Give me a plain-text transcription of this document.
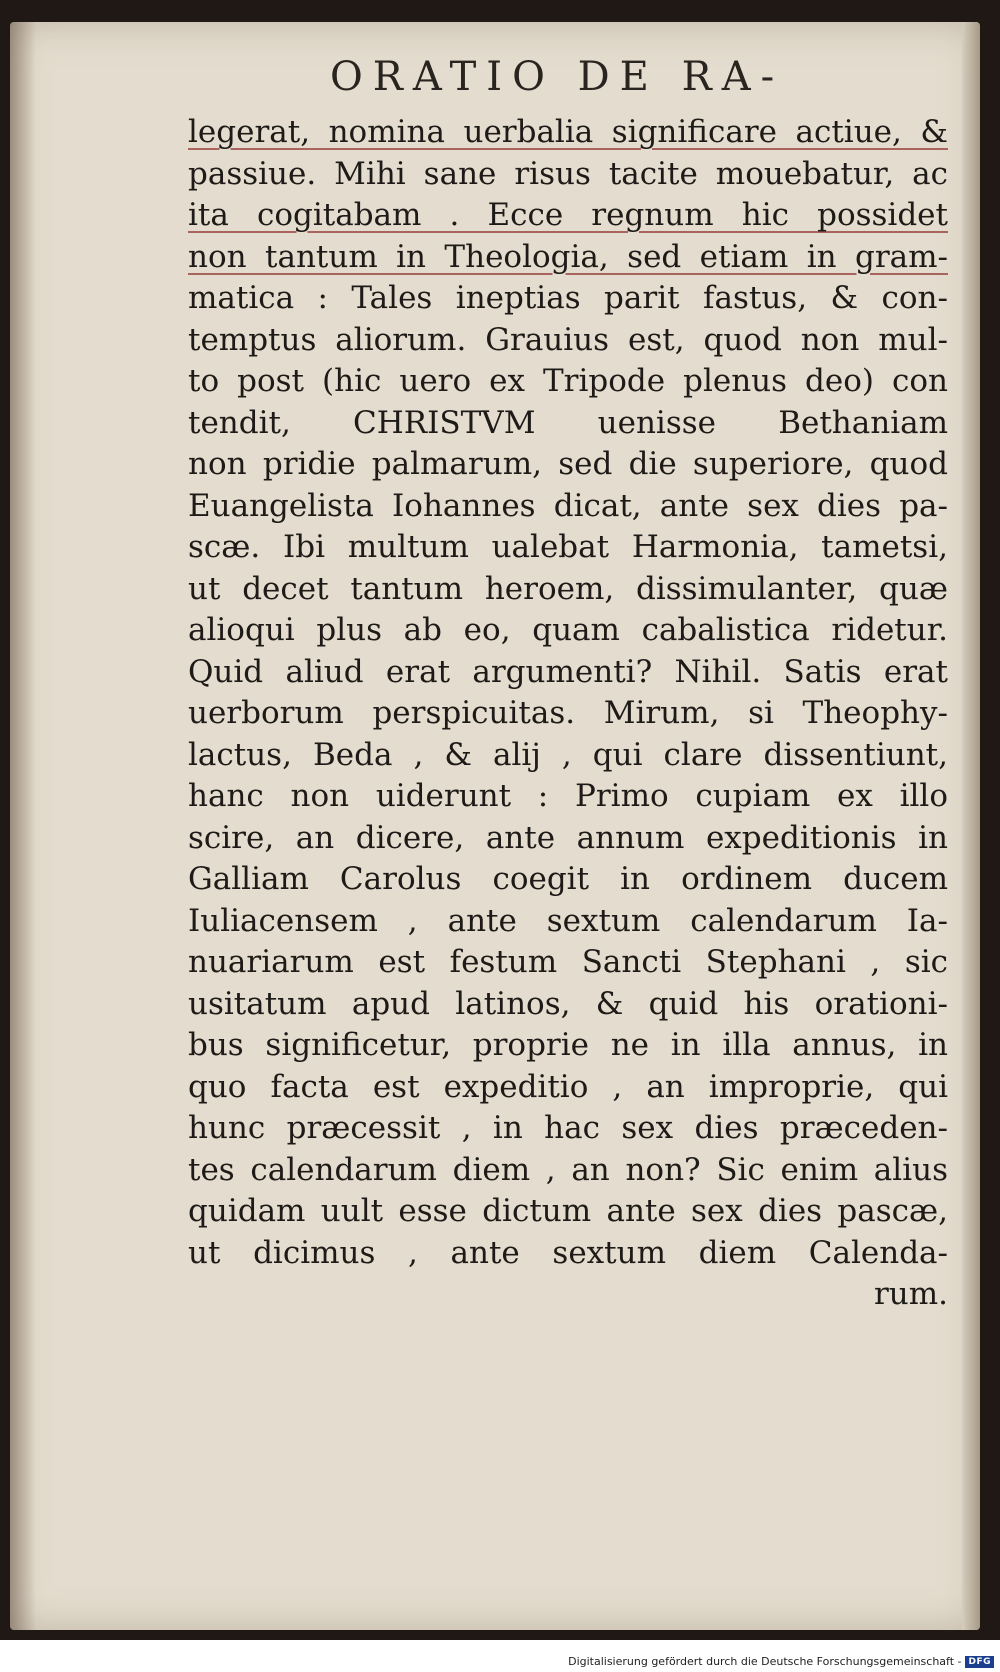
ORATIO DE RA-
legerat, nomina uerbalia significare actiue, &
passiue. Mihi sane risus tacite mouebatur, ac
ita cogitabam . Ecce regnum hic possidet
non tantum in Theologia, sed etiam in gram-
matica : Tales ineptias parit fastus, & con-
temptus aliorum. Grauius est, quod non mul-
to post (hic uero ex Tripode plenus deo) con
tendit, CHRISTVM uenisse Bethaniam
non pridie palmarum, sed die superiore, quod
Euangelista Iohannes dicat, ante sex dies pa-
scæ. Ibi multum ualebat Harmonia, tametsi,
ut decet tantum heroem, dissimulanter, quæ
alioqui plus ab eo, quam cabalistica ridetur.
Quid aliud erat argumenti? Nihil. Satis erat
uerborum perspicuitas. Mirum, si Theophy-
lactus, Beda , & alij , qui clare dissentiunt,
hanc non uiderunt : Primo cupiam ex illo
scire, an dicere, ante annum expeditionis in
Galliam Carolus coegit in ordinem ducem
Iuliacensem , ante sextum calendarum Ia-
nuariarum est festum Sancti Stephani , sic
usitatum apud latinos, & quid his orationi-
bus significetur, proprie ne in illa annus, in
quo facta est expeditio , an improprie, qui
hunc præcessit , in hac sex dies præceden-
tes calendarum diem , an non? Sic enim alius
quidam uult esse dictum ante sex dies pascæ,
ut dicimus , ante sextum diem Calenda-
rum.
Digitalisierung gefördert durch die Deutsche Forschungsgemeinschaft - DFG
